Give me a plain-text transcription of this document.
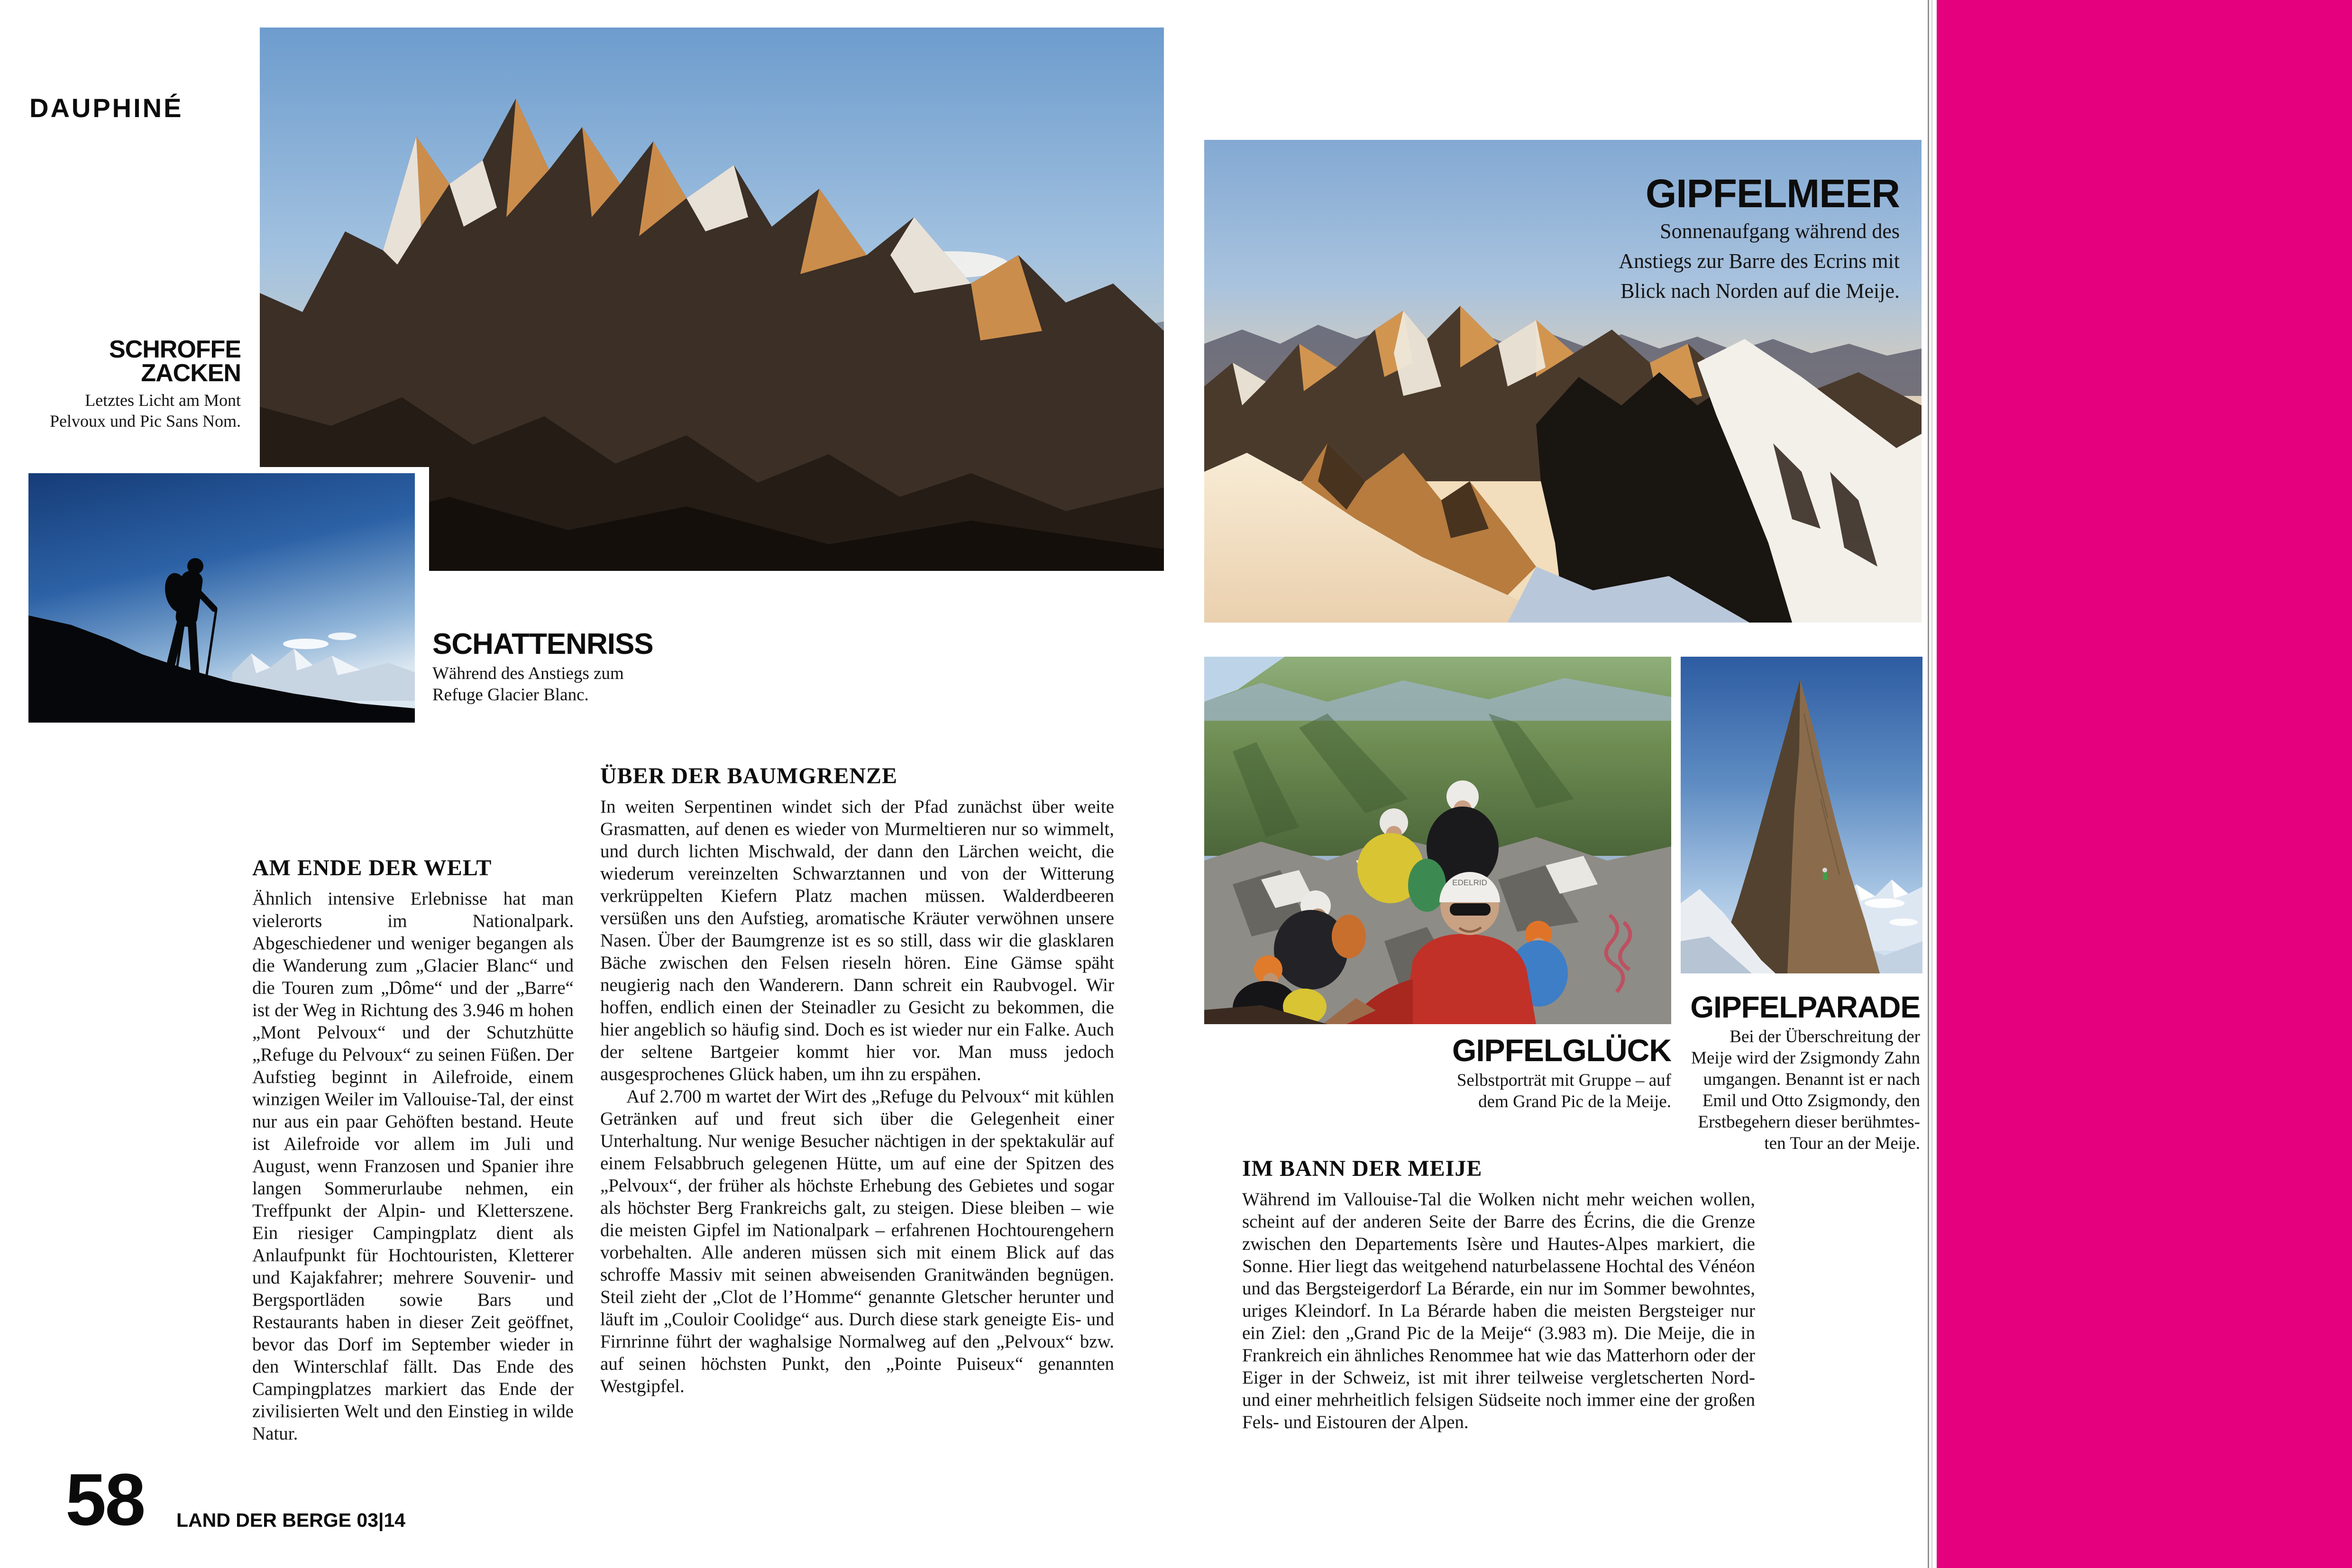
DAUPHINÉ
SCHROFFE
ZACKEN
Letztes Licht am Mont
Pelvoux und Pic Sans Nom.
SCHATTENRISS
Während des Anstiegs zum
Refuge Glacier Blanc.
GIPFELMEER
Sonnenaufgang während des
Anstiegs zur Barre des Ecrins mit
Blick nach Norden auf die Meije.
EDELRID
GIPFELGLÜCK
Selbstporträt mit Gruppe – auf
dem Grand Pic de la Meije.
GIPFELPARADE
Bei der Überschreitung der
Meije wird der Zsigmondy Zahn
umgangen. Benannt ist er nach
Emil und Otto Zsigmondy, den
Erstbegehern dieser berühmtes-
ten Tour an der Meije.
AM ENDE DER WELT
Ähnlich intensive Erlebnisse hat man vielerorts im Nationalpark. Abgeschiedener und weniger begangen als die Wanderung zum „Glacier Blanc“ und die Touren zum „Dôme“ und der „Barre“ ist der Weg in Richtung des 3.946 m hohen „Mont Pelvoux“ und der Schutzhütte „Refuge du Pelvoux“ zu seinen Füßen. Der Aufstieg beginnt in Ailefroide, einem winzigen Weiler im Vallouise-Tal, der einst nur aus ein paar Gehöften bestand. Heute ist Ailefroide vor allem im Juli und August, wenn Franzosen und Spanier ihre langen Sommerurlaube nehmen, ein Treffpunkt der Alpin- und Kletterszene. Ein riesiger Campingplatz dient als Anlaufpunkt für Hochtouristen, Kletterer und Kajakfahrer; mehrere Souvenir- und Bergsportläden sowie Bars und Restaurants haben in dieser Zeit geöffnet, bevor das Dorf im September wieder in den Winterschlaf fällt. Das Ende des Campingplatzes markiert das Ende der zivilisierten Welt und den Einstieg in wilde Natur.
ÜBER DER BAUMGRENZE

In weiten Serpentinen windet sich der Pfad zunächst über weite Grasmatten, auf denen es wieder von Murmeltieren nur so wimmelt, und durch lichten Mischwald, der dann den Lärchen weicht, die wiederum vereinzelten Schwarztannen und von der Witterung verkrüppelten Kiefern Platz machen müssen. Walderdbeeren versüßen uns den Aufstieg, aromatische Kräuter verwöhnen unsere Nasen. Über der Baumgrenze ist es so still, dass wir die glasklaren Bäche zwischen den Felsen rieseln hören. Eine Gämse späht neugierig nach den Wanderern. Dann schreit ein Raubvogel. Wir hoffen, endlich einen der Steinadler zu Gesicht zu bekommen, die hier angeblich so häufig sind. Doch es ist wieder nur ein Falke. Auch der seltene Bartgeier kommt hier vor. Man muss jedoch ausgesprochenes Glück haben, um ihn zu erspähen.

Auf 2.700 m wartet der Wirt des „Refuge du Pelvoux“ mit kühlen Getränken auf und freut sich über die Gelegenheit einer Unterhaltung. Nur wenige Besucher nächtigen in der spektakulär auf einem Felsabbruch gelegenen Hütte, um auf eine der Spitzen des „Pelvoux“, der früher als höchste Erhebung des Gebietes und sogar als höchster Berg Frankreichs galt, zu steigen. Diese bleiben – wie die meisten Gipfel im Nationalpark – erfahrenen Hochtourengehern vorbehalten. Alle anderen müssen sich mit einem Blick auf das schroffe Massiv mit seinen abweisenden Granitwänden begnügen. Steil zieht der „Clot de l’Homme“ genannte Gletscher herunter und läuft im „Couloir Coolidge“ aus. Durch diese stark geneigte Eis- und Firnrinne führt der waghalsige Normalweg auf den „Pelvoux“ bzw. auf seinen höchsten Punkt, den „Pointe Puiseux“ genannten Westgipfel.

IM BANN DER MEIJE
Während im Vallouise-Tal die Wolken nicht mehr weichen wollen, scheint auf der anderen Seite der Barre des Écrins, die die Grenze zwischen den Departements Isère und Hautes-Alpes markiert, die Sonne. Hier liegt das weitgehend naturbelassene Hochtal des Vénéon und das Bergsteigerdorf La Bérarde, ein nur im Sommer bewohntes, uriges Kleindorf. In La Bérarde haben die meisten Bergsteiger nur ein Ziel: den „Grand Pic de la Meije“ (3.983 m). Die Meije, die in Frankreich ein ähnliches Renommee hat wie das Matterhorn oder der Eiger in der Schweiz, ist mit ihrer teilweise vergletscherten Nord- und einer mehrheitlich felsigen Südseite noch immer eine der großen Fels- und Eistouren der Alpen.
58 LAND DER BERGE 03|14
